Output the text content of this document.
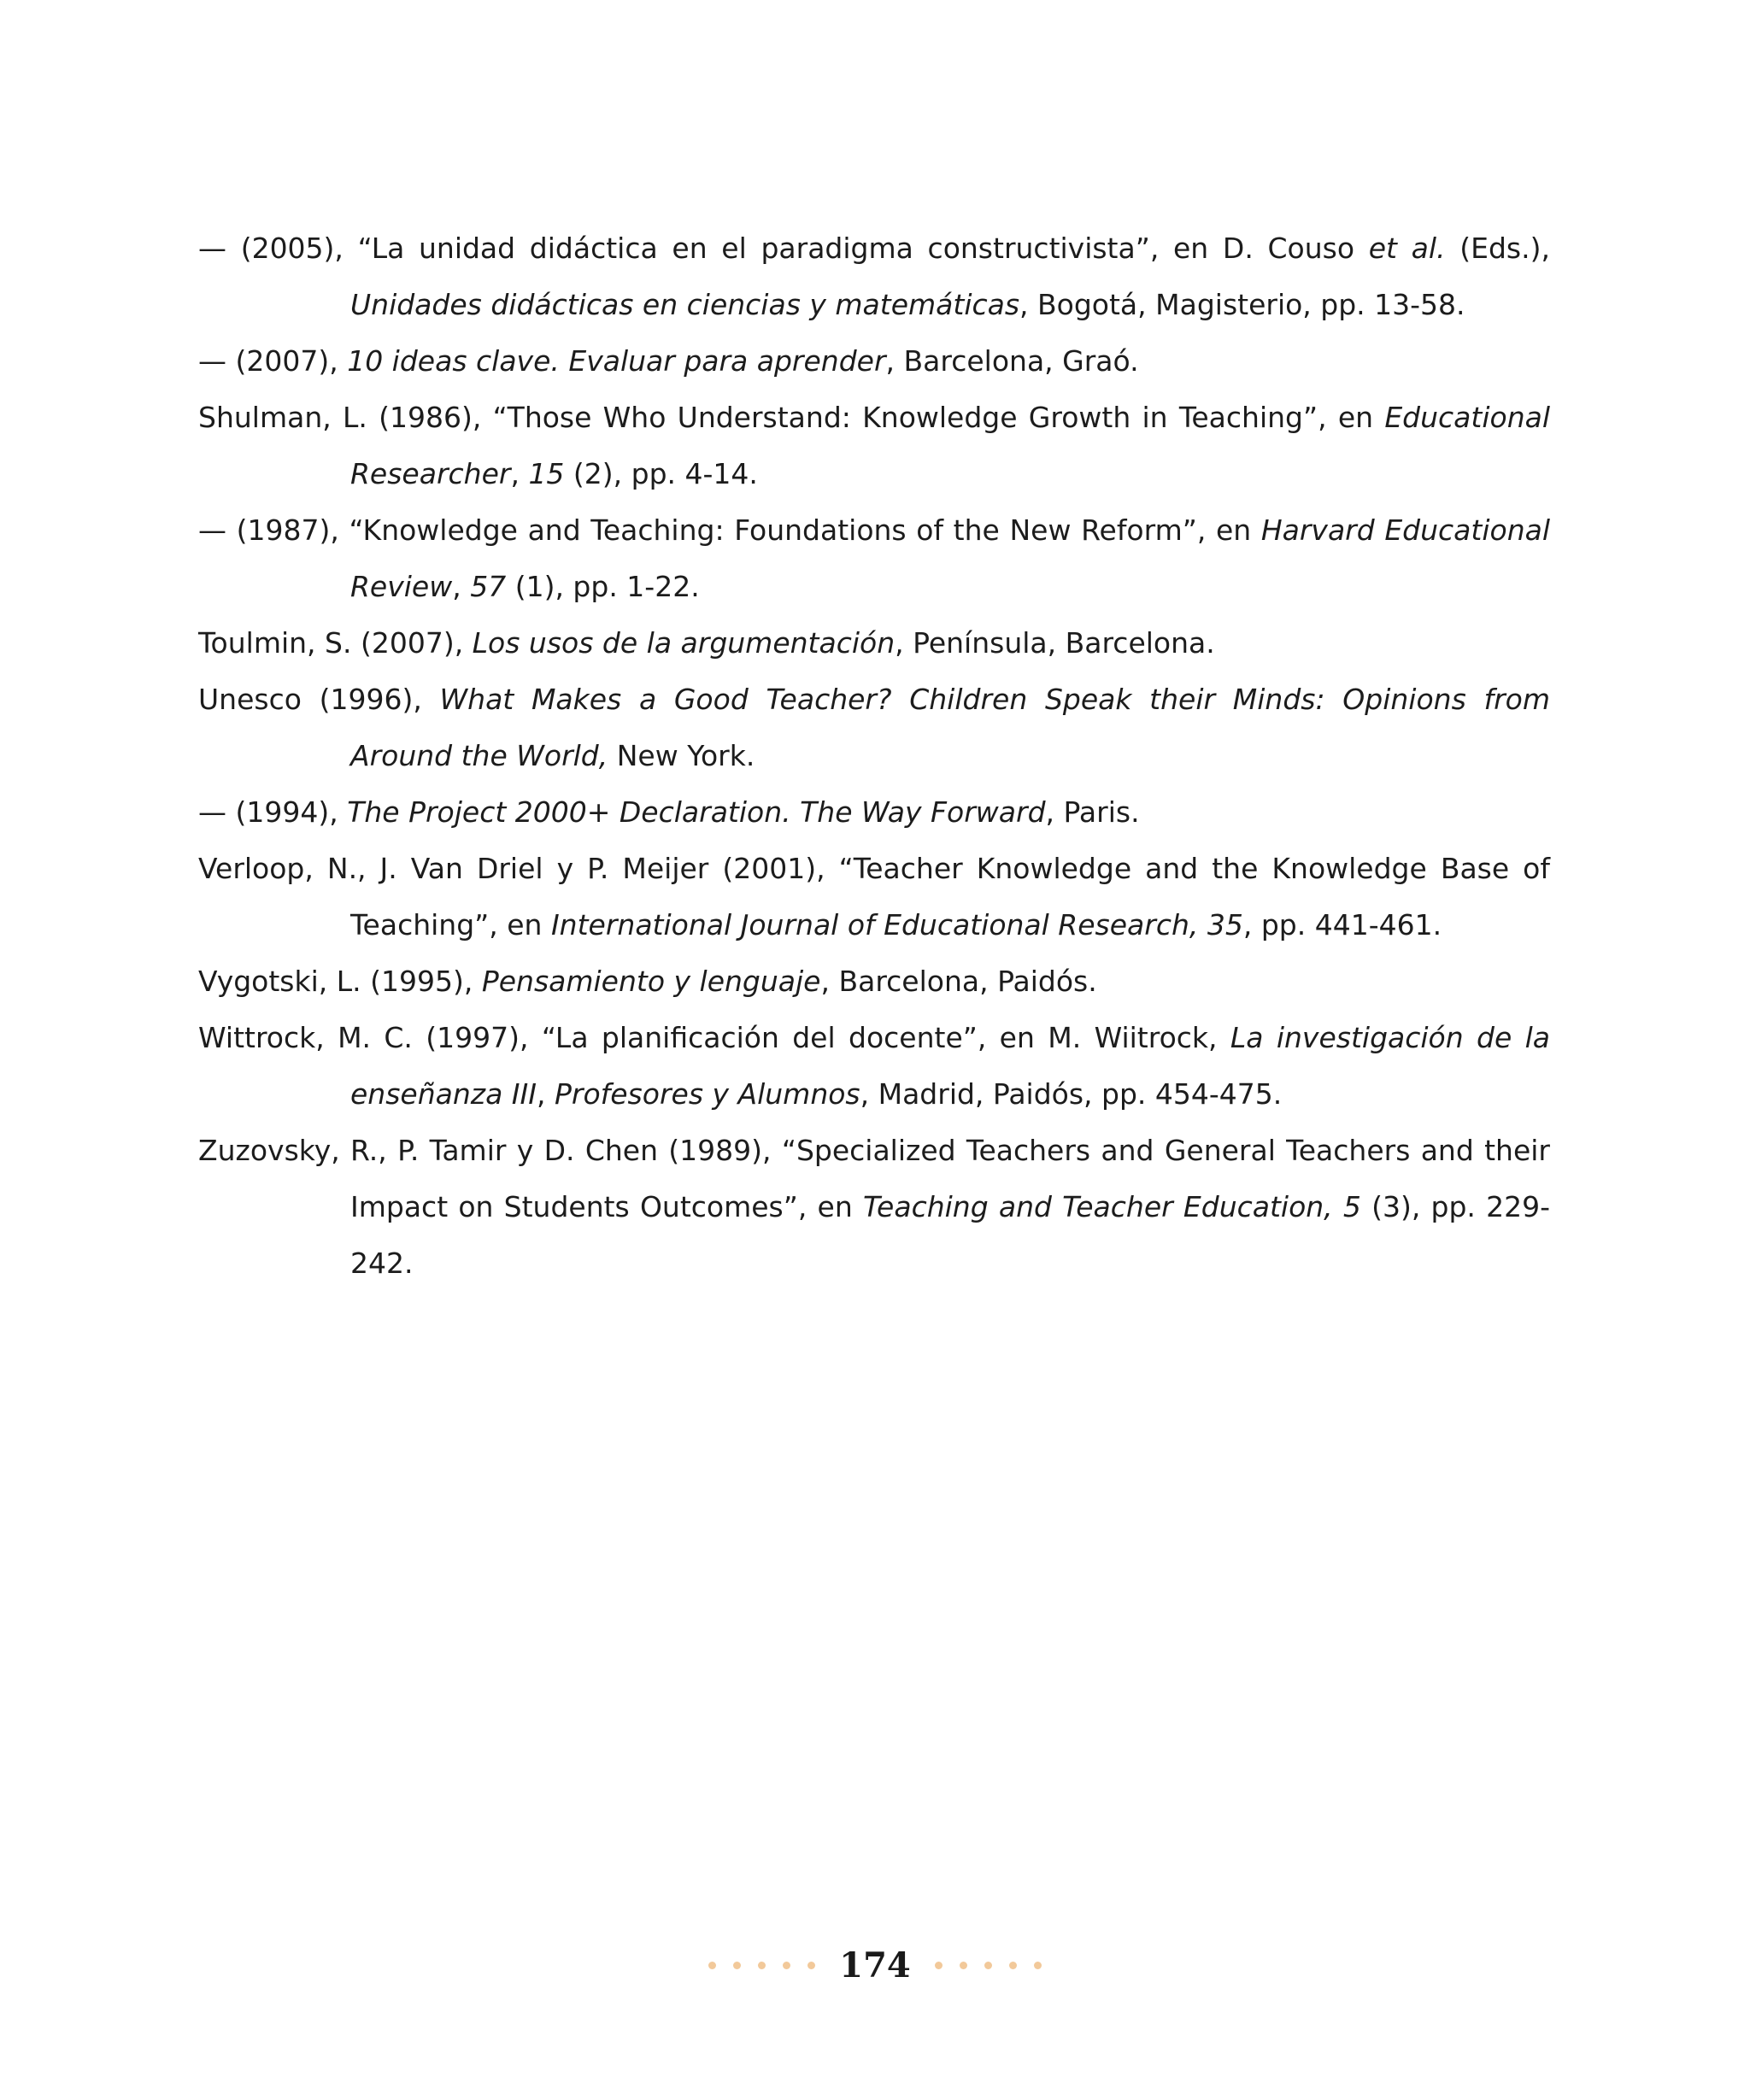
— (2005), “La unidad didáctica en el paradigma constructivista”, en D. Couso et al. (Eds.), Unidades didácticas en ciencias y matemáticas, Bogotá, Magisterio, pp. 13-58.

— (2007), 10 ideas clave. Evaluar para aprender, Barcelona, Graó.

Shulman, L. (1986), “Those Who Understand: Knowledge Growth in Teaching”, en Educational Researcher, 15 (2), pp. 4-14.

— (1987), “Knowledge and Teaching: Foundations of the New Reform”, en Harvard Educational Review, 57 (1), pp. 1-22.

Toulmin, S. (2007), Los usos de la argumentación, Península, Barcelona.

Unesco (1996), What Makes a Good Teacher? Children Speak their Minds: Opinions from Around the World, New York.

— (1994), The Project 2000+ Declaration. The Way Forward, Paris.

Verloop, N., J. Van Driel y P. Meijer (2001), “Teacher Knowledge and the Knowledge Base of Teaching”, en International Journal of Educational Research, 35, pp. 441-461.

Vygotski, L. (1995), Pensamiento y lenguaje, Barcelona, Paidós.

Wittrock, M. C. (1997), “La planificación del docente”, en M. Wiitrock, La investigación de la enseñanza III, Profesores y Alumnos, Madrid, Paidós, pp. 454-475.

Zuzovsky, R., P. Tamir y D. Chen (1989), “Specialized Teachers and General Teachers and their Impact on Students Outcomes”, en Teaching and Teacher Education, 5 (3), pp. 229-242.

174
